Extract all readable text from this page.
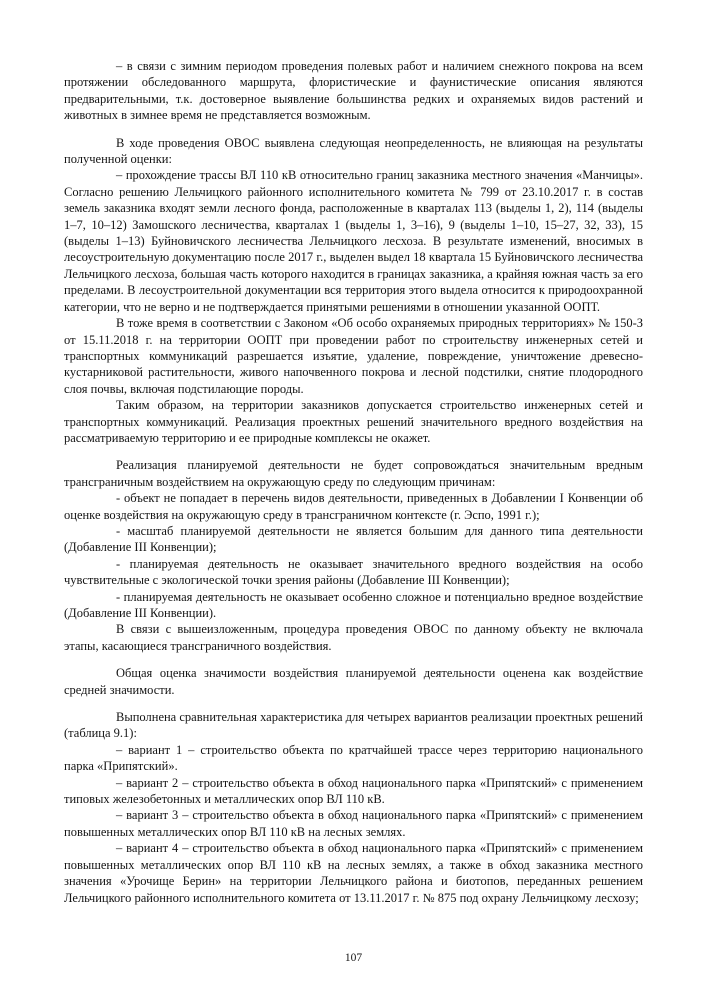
– в связи с зимним периодом проведения полевых работ и наличием снежного покрова на всем протяжении обследованного маршрута, флористические и фаунистические описания являются предварительными, т.к. достоверное выявление большинства редких и охраняемых видов растений и животных в зимнее время не представляется возможным.

В ходе проведения ОВОС выявлена следующая неопределенность, не влияющая на результаты полученной оценки:

– прохождение трассы ВЛ 110 кВ относительно границ заказника местного значения «Манчицы». Согласно решению Лельчицкого районного исполнительного комитета № 799 от 23.10.2017 г. в состав земель заказника входят земли лесного фонда, расположенные в кварталах 113 (выделы 1, 2), 114 (выделы 1–7, 10–12) Замошского лесничества, кварталах 1 (выделы 1, 3–16), 9 (выделы 1–10, 15–27, 32, 33), 15 (выделы 1–13) Буйновичского лесничества Лельчицкого лесхоза. В результате изменений, вносимых в лесоустроительную документацию после 2017 г., выделен выдел 18 квартала 15 Буйновичского лесничества Лельчицкого лесхоза, большая часть которого находится в границах заказника, а крайняя южная часть за его пределами. В лесоустроительной документации вся территория этого выдела относится к природоохранной категории, что не верно и не подтверждается принятыми решениями в отношении указанной ООПТ.

В тоже время в соответствии с Законом «Об особо охраняемых природных территориях» № 150-З от 15.11.2018 г. на территории ООПТ при проведении работ по строительству инженерных сетей и транспортных коммуникаций разрешается изъятие, удаление, повреждение, уничтожение древесно-кустарниковой растительности, живого напочвенного покрова и лесной подстилки, снятие плодородного слоя почвы, включая подстилающие породы.

Таким образом, на территории заказников допускается строительство инженерных сетей и транспортных коммуникаций. Реализация проектных решений значительного вредного воздействия на рассматриваемую территорию и ее природные комплексы не окажет.

Реализация планируемой деятельности не будет сопровождаться значительным вредным трансграничным воздействием на окружающую среду по следующим причинам:

- объект не попадает в перечень видов деятельности, приведенных в Добавлении I Конвенции об оценке воздействия на окружающую среду в трансграничном контексте (г. Эспо, 1991 г.);

- масштаб планируемой деятельности не является большим для данного типа деятельности (Добавление III Конвенции);

- планируемая деятельность не оказывает значительного вредного воздействия на особо чувствительные с экологической точки зрения районы (Добавление III Конвенции);

- планируемая деятельность не оказывает особенно сложное и потенциально вредное воздействие (Добавление III Конвенции).

В связи с вышеизложенным, процедура проведения ОВОС по данному объекту не включала этапы, касающиеся трансграничного воздействия.

Общая оценка значимости воздействия планируемой деятельности оценена как воздействие средней значимости.

Выполнена сравнительная характеристика для четырех вариантов реализации проектных решений (таблица 9.1):

– вариант 1 – строительство объекта по кратчайшей трассе через территорию национального парка «Припятский».

– вариант 2 – строительство объекта в обход национального парка «Припятский» с применением типовых железобетонных и металлических опор ВЛ 110 кВ.

– вариант 3 – строительство объекта в обход национального парка «Припятский» с применением повышенных металлических опор ВЛ 110 кВ на лесных землях.

– вариант 4 – строительство объекта в обход национального парка «Припятский» с применением повышенных металлических опор ВЛ 110 кВ на лесных землях, а также в обход заказника местного значения «Урочище Берин» на территории Лельчицкого района и биотопов, переданных решением Лельчицкого районного исполнительного комитета от 13.11.2017 г. № 875 под охрану Лельчицкому лесхозу;

107
